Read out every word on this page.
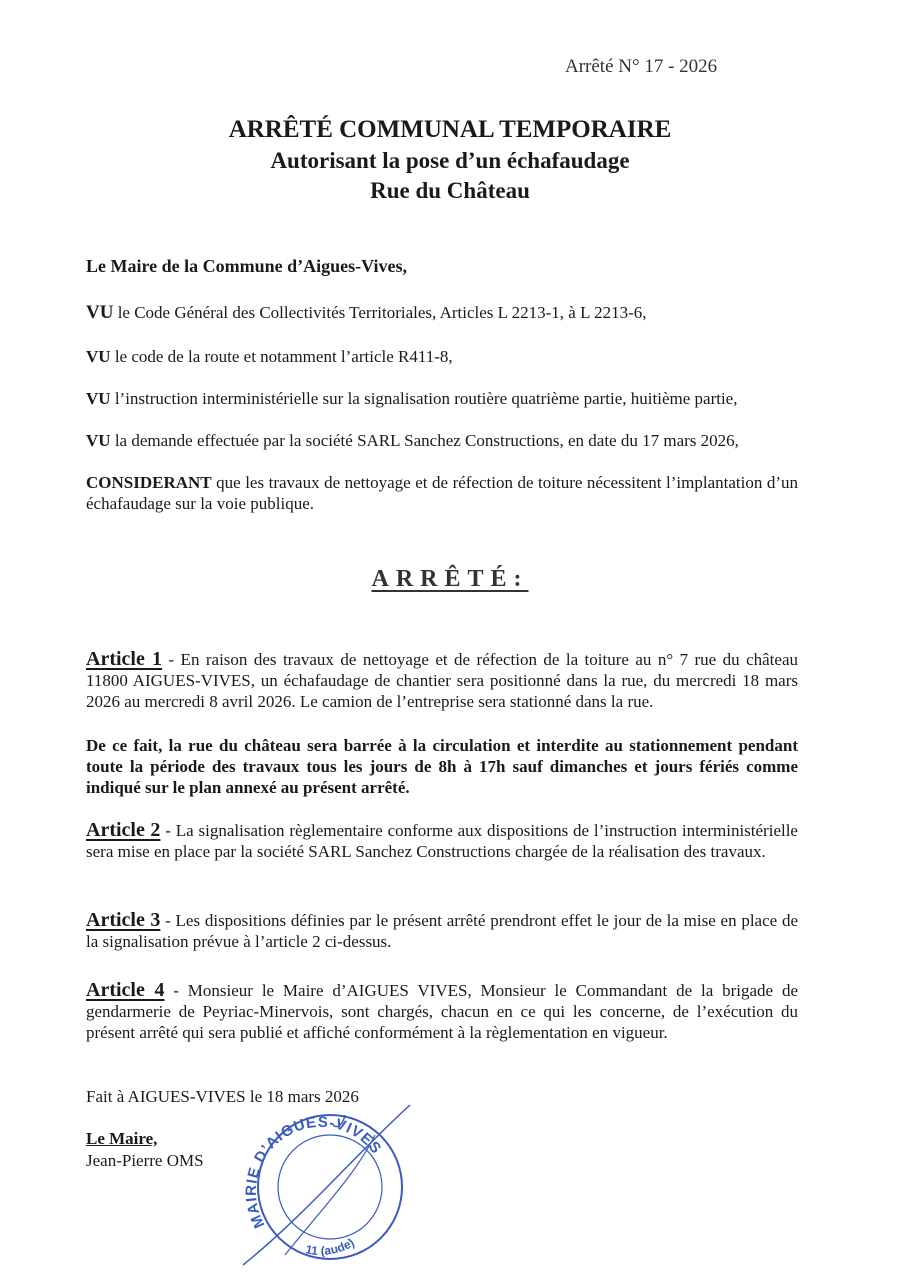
Arrêté N° 17 - 2026
ARRÊTÉ COMMUNAL TEMPORAIRE
Autorisant la pose d’un échafaudage
Rue du Château
Le Maire de la Commune d’Aigues-Vives,
VU le Code Général des Collectivités Territoriales, Articles L 2213-1, à L 2213-6,
VU le code de la route et notamment l’article R411-8,
VU l’instruction interministérielle sur la signalisation routière quatrième partie, huitième partie,
VU la demande effectuée par la société SARL Sanchez Constructions, en date du 17 mars 2026,
CONSIDERANT que les travaux de nettoyage et de réfection de toiture nécessitent l’implantation d’un échafaudage sur la voie publique.
ARRÊTÉ:
Article 1 - En raison des travaux de nettoyage et de réfection de la toiture au n° 7 rue du château 11800 AIGUES-VIVES, un échafaudage de chantier sera positionné dans la rue, du mercredi 18 mars 2026 au mercredi 8 avril 2026. Le camion de l’entreprise sera stationné dans la rue.
De ce fait, la rue du château sera barrée à la circulation et interdite au stationnement pendant toute la période des travaux tous les jours de 8h à 17h sauf dimanches et jours fériés comme indiqué sur le plan annexé au présent arrêté.
Article 2 - La signalisation règlementaire conforme aux dispositions de l’instruction interministérielle sera mise en place par la société SARL Sanchez Constructions chargée de la réalisation des travaux.
Article 3 - Les dispositions définies par le présent arrêté prendront effet le jour de la mise en place de la signalisation prévue à l’article 2 ci-dessus.
Article 4 - Monsieur le Maire d’AIGUES VIVES, Monsieur le Commandant de la brigade de gendarmerie de Peyriac-Minervois, sont chargés, chacun en ce qui les concerne, de l’exécution du présent arrêté qui sera publié et affiché conformément à la règlementation en vigueur.
Fait à AIGUES-VIVES le 18 mars 2026
Le Maire,
Jean-Pierre OMS
MAIRIE D’AIGUES-VIVES
11 (aude)
